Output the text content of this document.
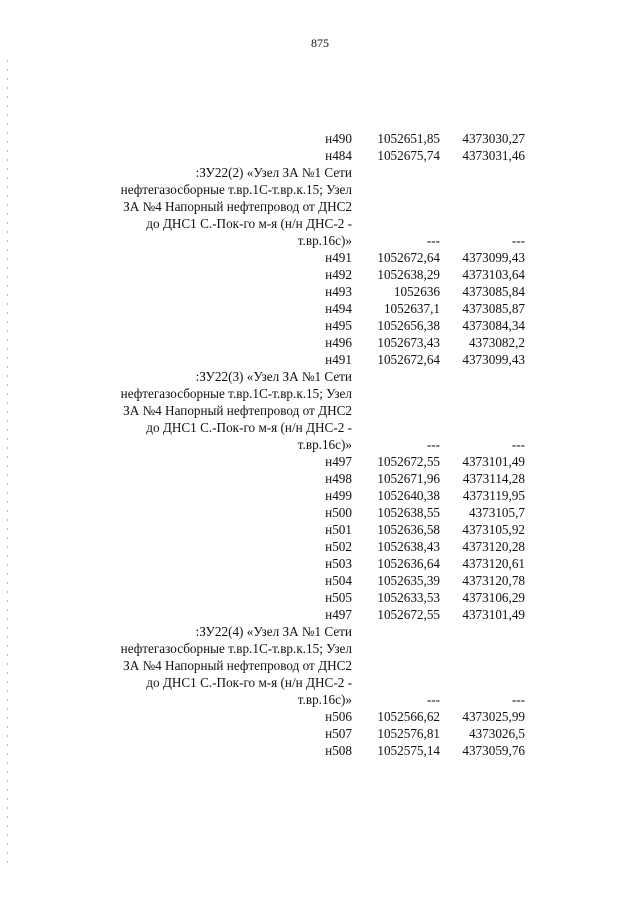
875
н490 1052651,85 4373030,27
н484 1052675,74 4373031,46
:ЗУ22(2) «Узел ЗА №1 Сети
нефтегазосборные т.вр.1С-т.вр.к.15; Узел
ЗА №4 Напорный нефтепровод от ДНС2
до ДНС1 С.-Пок-го м-я (н/н ДНС-2 -
т.вр.16с)»	---	---
н491 1052672,64 4373099,43
н492 1052638,29 4373103,64
н493	1052636 4373085,84
н494 1052637,1 4373085,87
н495 1052656,38 4373084,34
н496 1052673,43 4373082,2
н491 1052672,64 4373099,43
:ЗУ22(3) «Узел ЗА №1 Сети
нефтегазосборные т.вр.1С-т.вр.к.15; Узел
ЗА №4 Напорный нефтепровод от ДНС2
до ДНС1 С.-Пок-го м-я (н/н ДНС-2 -
т.вр.16с)»	---	---
н497 1052672,55 4373101,49
н498 1052671,96 4373114,28
н499 1052640,38 4373119,95
н500 1052638,55 4373105,7
н501 1052636,58 4373105,92
н502 1052638,43 4373120,28
н503 1052636,64 4373120,61
н504 1052635,39 4373120,78
н505 1052633,53 4373106,29
н497 1052672,55 4373101,49
:ЗУ22(4) «Узел ЗА №1 Сети
нефтегазосборные т.вр.1С-т.вр.к.15; Узел
ЗА №4 Напорный нефтепровод от ДНС2
до ДНС1 С.-Пок-го м-я (н/н ДНС-2 -
т.вр.16с)»	---	---
н506 1052566,62 4373025,99
н507 1052576,81 4373026,5
н508 1052575,14 4373059,76
